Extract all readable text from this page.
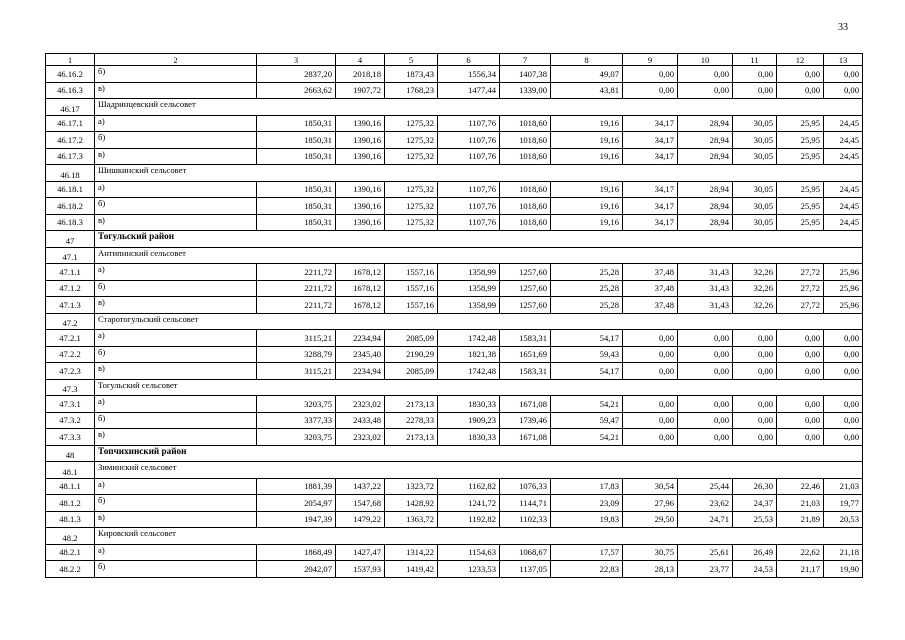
33
1	2	3	4	5	6	7	8	9	10	11	12	13
46.16.2	б)	2837,20	2018,18	1873,43	1556,34	1407,38	49,07	0,00	0,00	0,00	0,00	0,00
46.16.3	в)	2663,62	1907,72	1768,23	1477,44	1339,00	43,81	0,00	0,00	0,00	0,00	0,00
46.17	Шадринцевский сельсовет											
46.17.1	а)	1850,31	1390,16	1275,32	1107,76	1018,60	19,16	34,17	28,94	30,05	25,95	24,45
46.17.2	б)	1850,31	1390,16	1275,32	1107,76	1018,60	19,16	34,17	28,94	30,05	25,95	24,45
46.17.3	в)	1850,31	1390,16	1275,32	1107,76	1018,60	19,16	34,17	28,94	30,05	25,95	24,45
46.18	Шишкинский сельсовет											
46.18.1	а)	1850,31	1390,16	1275,32	1107,76	1018,60	19,16	34,17	28,94	30,05	25,95	24,45
46.18.2	б)	1850,31	1390,16	1275,32	1107,76	1018,60	19,16	34,17	28,94	30,05	25,95	24,45
46.18.3	в)	1850,31	1390,16	1275,32	1107,76	1018,60	19,16	34,17	28,94	30,05	25,95	24,45
47	Тогульский район											
47.1	Антипинский сельсовет											
47.1.1	а)	2211,72	1678,12	1557,16	1358,99	1257,60	25,28	37,48	31,43	32,26	27,72	25,96
47.1.2	б)	2211,72	1678,12	1557,16	1358,99	1257,60	25,28	37,48	31,43	32,26	27,72	25,96
47.1.3	в)	2211,72	1678,12	1557,16	1358,99	1257,60	25,28	37,48	31,43	32,26	27,72	25,96
47.2	Старотогульский сельсовет											
47.2.1	а)	3115,21	2234,94	2085,09	1742,48	1583,31	54,17	0,00	0,00	0,00	0,00	0,00
47.2.2	б)	3288,79	2345,40	2190,29	1821,38	1651,69	59,43	0,00	0,00	0,00	0,00	0,00
47.2.3	в)	3115,21	2234,94	2085,09	1742,48	1583,31	54,17	0,00	0,00	0,00	0,00	0,00
47.3	Тогульский сельсовет											
47.3.1	а)	3203,75	2323,02	2173,13	1830,33	1671,08	54,21	0,00	0,00	0,00	0,00	0,00
47.3.2	б)	3377,33	2433,48	2278,33	1909,23	1739,46	59,47	0,00	0,00	0,00	0,00	0,00
47.3.3	в)	3203,75	2323,02	2173,13	1830,33	1671,08	54,21	0,00	0,00	0,00	0,00	0,00
48	Топчихинский район											
48.1	Зиминский сельсовет											
48.1.1	а)	1881,39	1437,22	1323,72	1162,82	1076,33	17,83	30,54	25,44	26,30	22,46	21,03
48.1.2	б)	2054,97	1547,68	1428,92	1241,72	1144,71	23,09	27,96	23,62	24,37	21,03	19,77
48.1.3	в)	1947,39	1479,22	1363,72	1192,82	1102,33	19,83	29,50	24,71	25,53	21,89	20,53
48.2	Кировский сельсовет											
48.2.1	а)	1868,49	1427,47	1314,22	1154,63	1068,67	17,57	30,75	25,61	26,49	22,62	21,18
48.2.2	б)	2042,07	1537,93	1419,42	1233,53	1137,05	22,83	28,13	23,77	24,53	21,17	19,90
